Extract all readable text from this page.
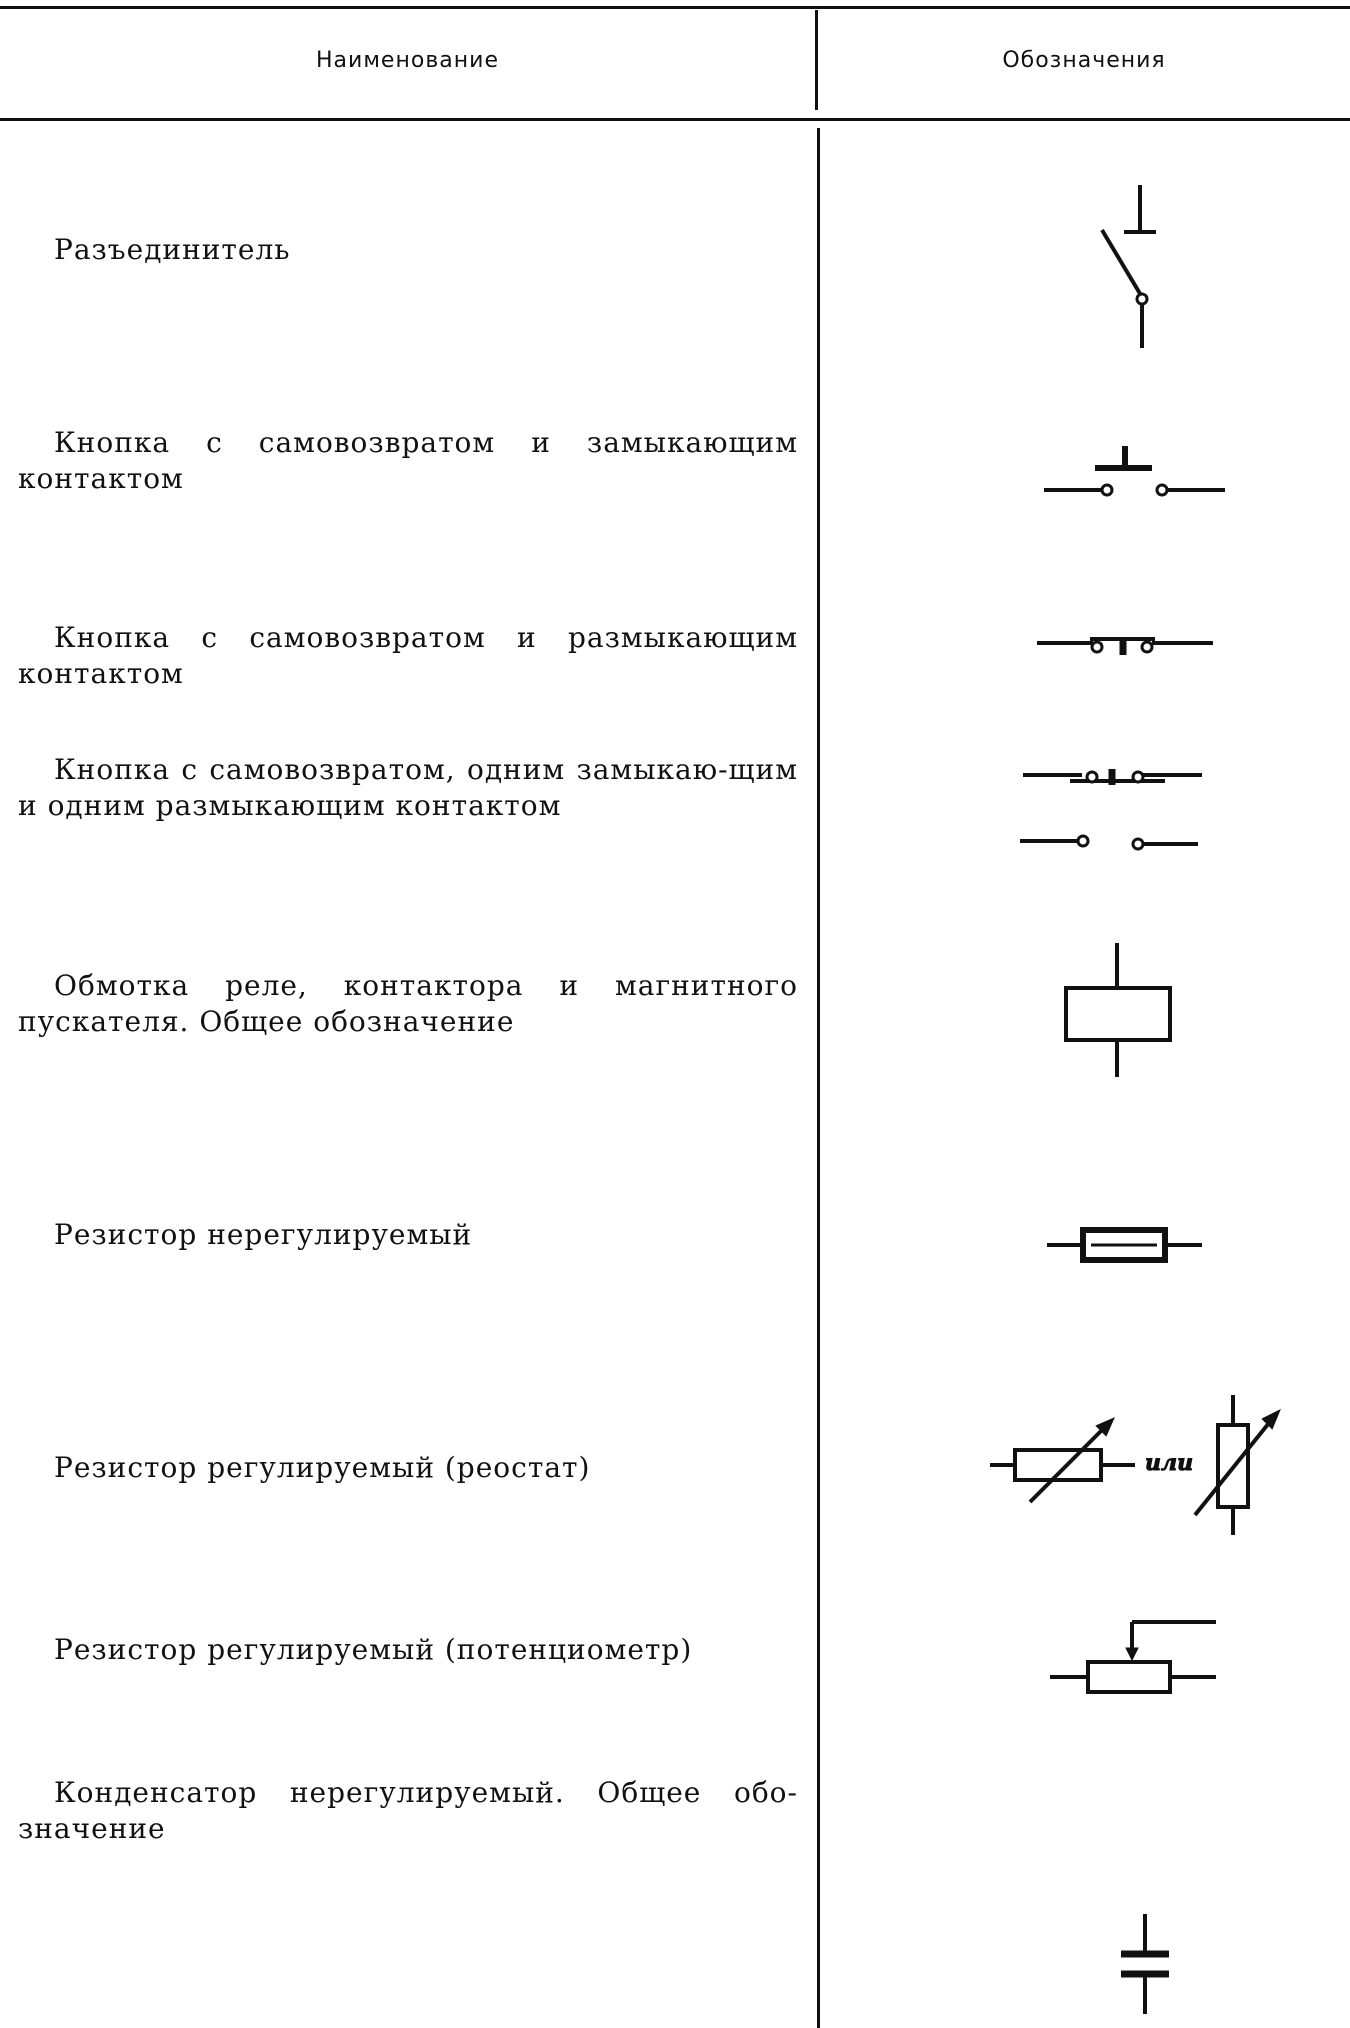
Наименование	Обозначения
Разъединитель
Кнопка с самовозвратом и замыкающим контактом
Кнопка с самовозвратом и размыкающим контактом
Кнопка с самовозвратом, одним замыкаю-щим и одним размыкающим контактом
Обмотка реле, контактора и магнитного пускателя. Общее обозначение
Резистор нерегулируемый
Резистор регулируемый (реостат)	или
Резистор регулируемый (потенциометр)
Конденсатор нерегулируемый. Общее обо-значение
